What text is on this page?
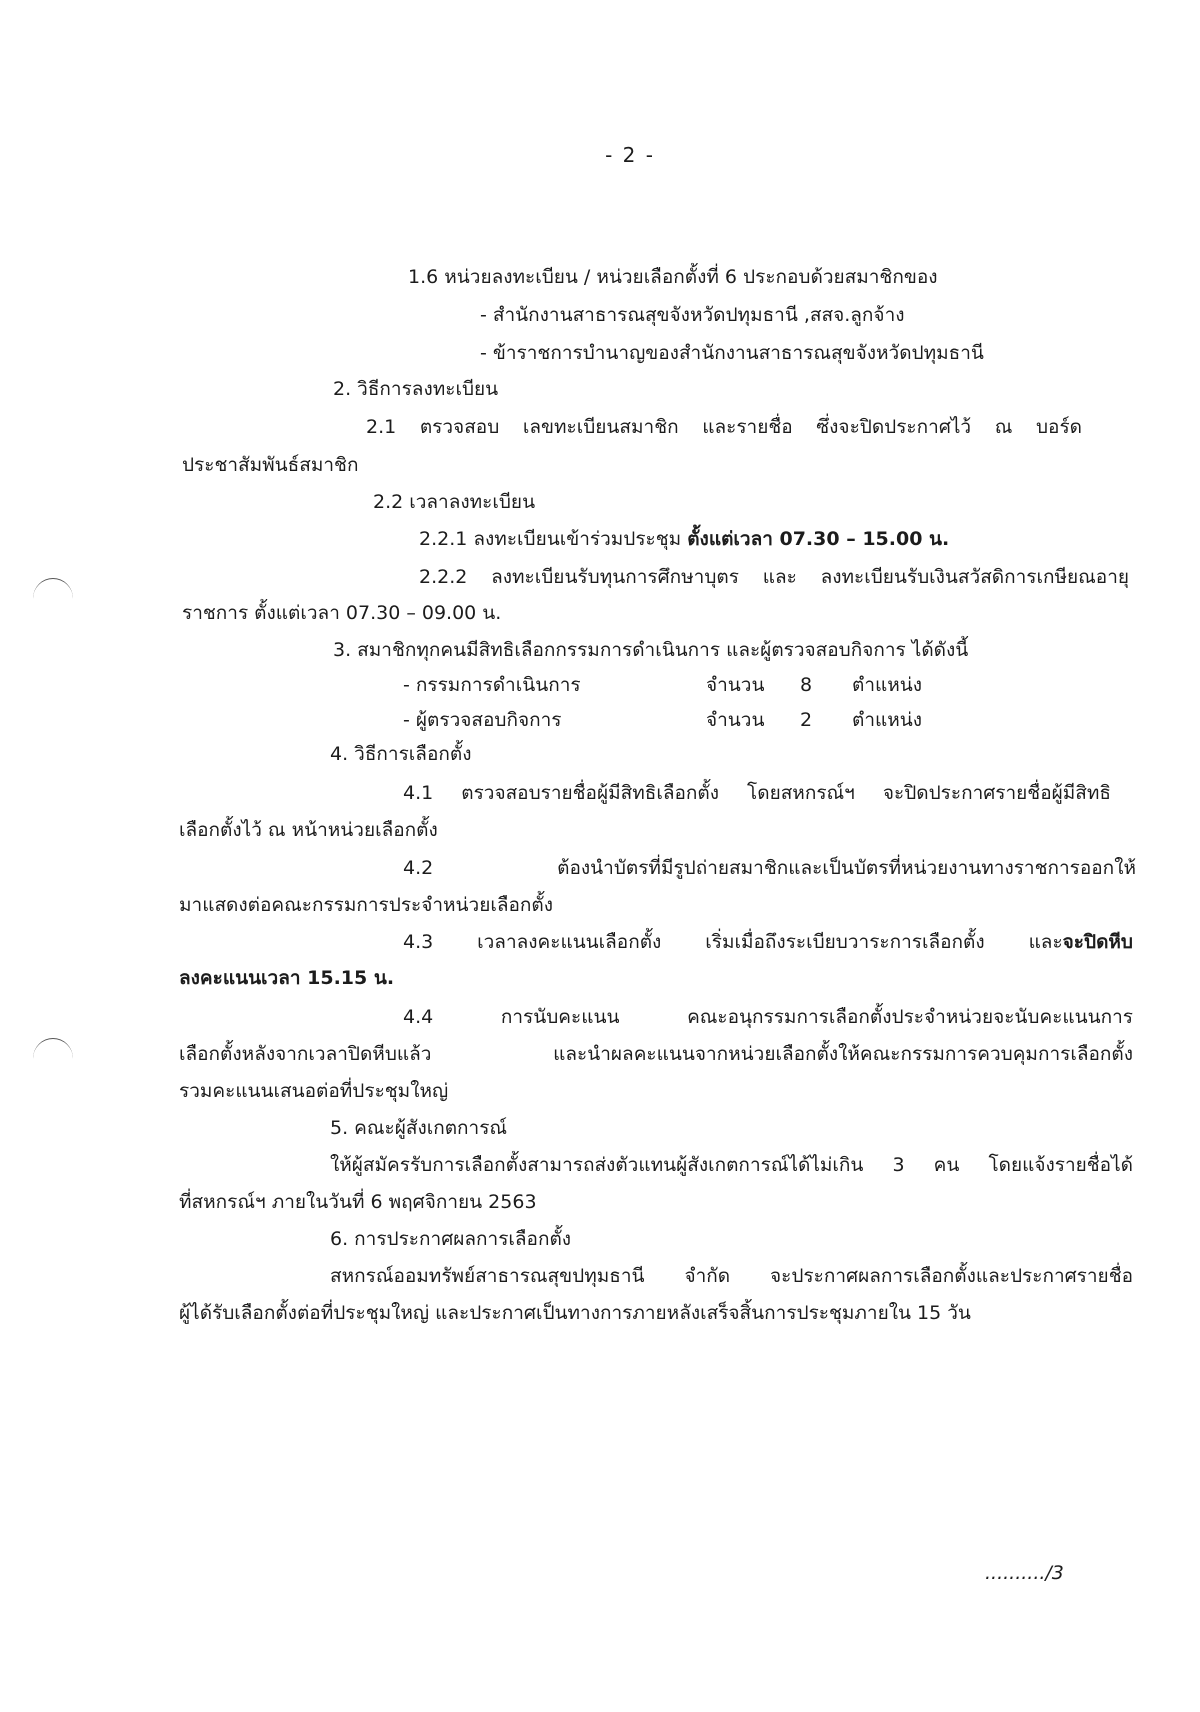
- 2 -
1.6 หน่วยลงทะเบียน / หน่วยเลือกตั้งที่ 6 ประกอบด้วยสมาชิกของ
- สำนักงานสาธารณสุขจังหวัดปทุมธานี ,สสจ.ลูกจ้าง
- ข้าราชการบำนาญของสำนักงานสาธารณสุขจังหวัดปทุมธานี
2. วิธีการลงทะเบียน
2.1 ตรวจสอบ เลขทะเบียนสมาชิก และรายชื่อ ซึ่งจะปิดประกาศไว้ ณ บอร์ด
ประชาสัมพันธ์สมาชิก
2.2 เวลาลงทะเบียน
2.2.1 ลงทะเบียนเข้าร่วมประชุม ตั้งแต่เวลา 07.30 – 15.00 น.
2.2.2 ลงทะเบียนรับทุนการศึกษาบุตร และ ลงทะเบียนรับเงินสวัสดิการเกษียณอายุ
ราชการ ตั้งแต่เวลา 07.30 – 09.00 น.
3. สมาชิกทุกคนมีสิทธิเลือกกรรมการดำเนินการ และผู้ตรวจสอบกิจการ ได้ดังนี้
- กรรมการดำเนินการ	จำนวน 8 ตำแหน่ง
- ผู้ตรวจสอบกิจการ	จำนวน 2 ตำแหน่ง
4. วิธีการเลือกตั้ง
4.1 ตรวจสอบรายชื่อผู้มีสิทธิเลือกตั้ง โดยสหกรณ์ฯ จะปิดประกาศรายชื่อผู้มีสิทธิ
เลือกตั้งไว้ ณ หน้าหน่วยเลือกตั้ง
4.2 ต้องนำบัตรที่มีรูปถ่ายสมาชิกและเป็นบัตรที่หน่วยงานทางราชการออกให้
มาแสดงต่อคณะกรรมการประจำหน่วยเลือกตั้ง
4.3 เวลาลงคะแนนเลือกตั้ง เริ่มเมื่อถึงระเบียบวาระการเลือกตั้ง และจะปิดหีบ
ลงคะแนนเวลา 15.15 น.
4.4 การนับคะแนน คณะอนุกรรมการเลือกตั้งประจำหน่วยจะนับคะแนนการ
เลือกตั้งหลังจากเวลาปิดหีบแล้ว และนำผลคะแนนจากหน่วยเลือกตั้งให้คณะกรรมการควบคุมการเลือกตั้ง
รวมคะแนนเสนอต่อที่ประชุมใหญ่
5. คณะผู้สังเกตการณ์
ให้ผู้สมัครรับการเลือกตั้งสามารถส่งตัวแทนผู้สังเกตการณ์ได้ไม่เกิน 3 คน โดยแจ้งรายชื่อได้
ที่สหกรณ์ฯ ภายในวันที่ 6 พฤศจิกายน 2563
6. การประกาศผลการเลือกตั้ง
สหกรณ์ออมทรัพย์สาธารณสุขปทุมธานี จำกัด จะประกาศผลการเลือกตั้งและประกาศรายชื่อ
ผู้ได้รับเลือกตั้งต่อที่ประชุมใหญ่ และประกาศเป็นทางการภายหลังเสร็จสิ้นการประชุมภายใน 15 วัน
........../3
